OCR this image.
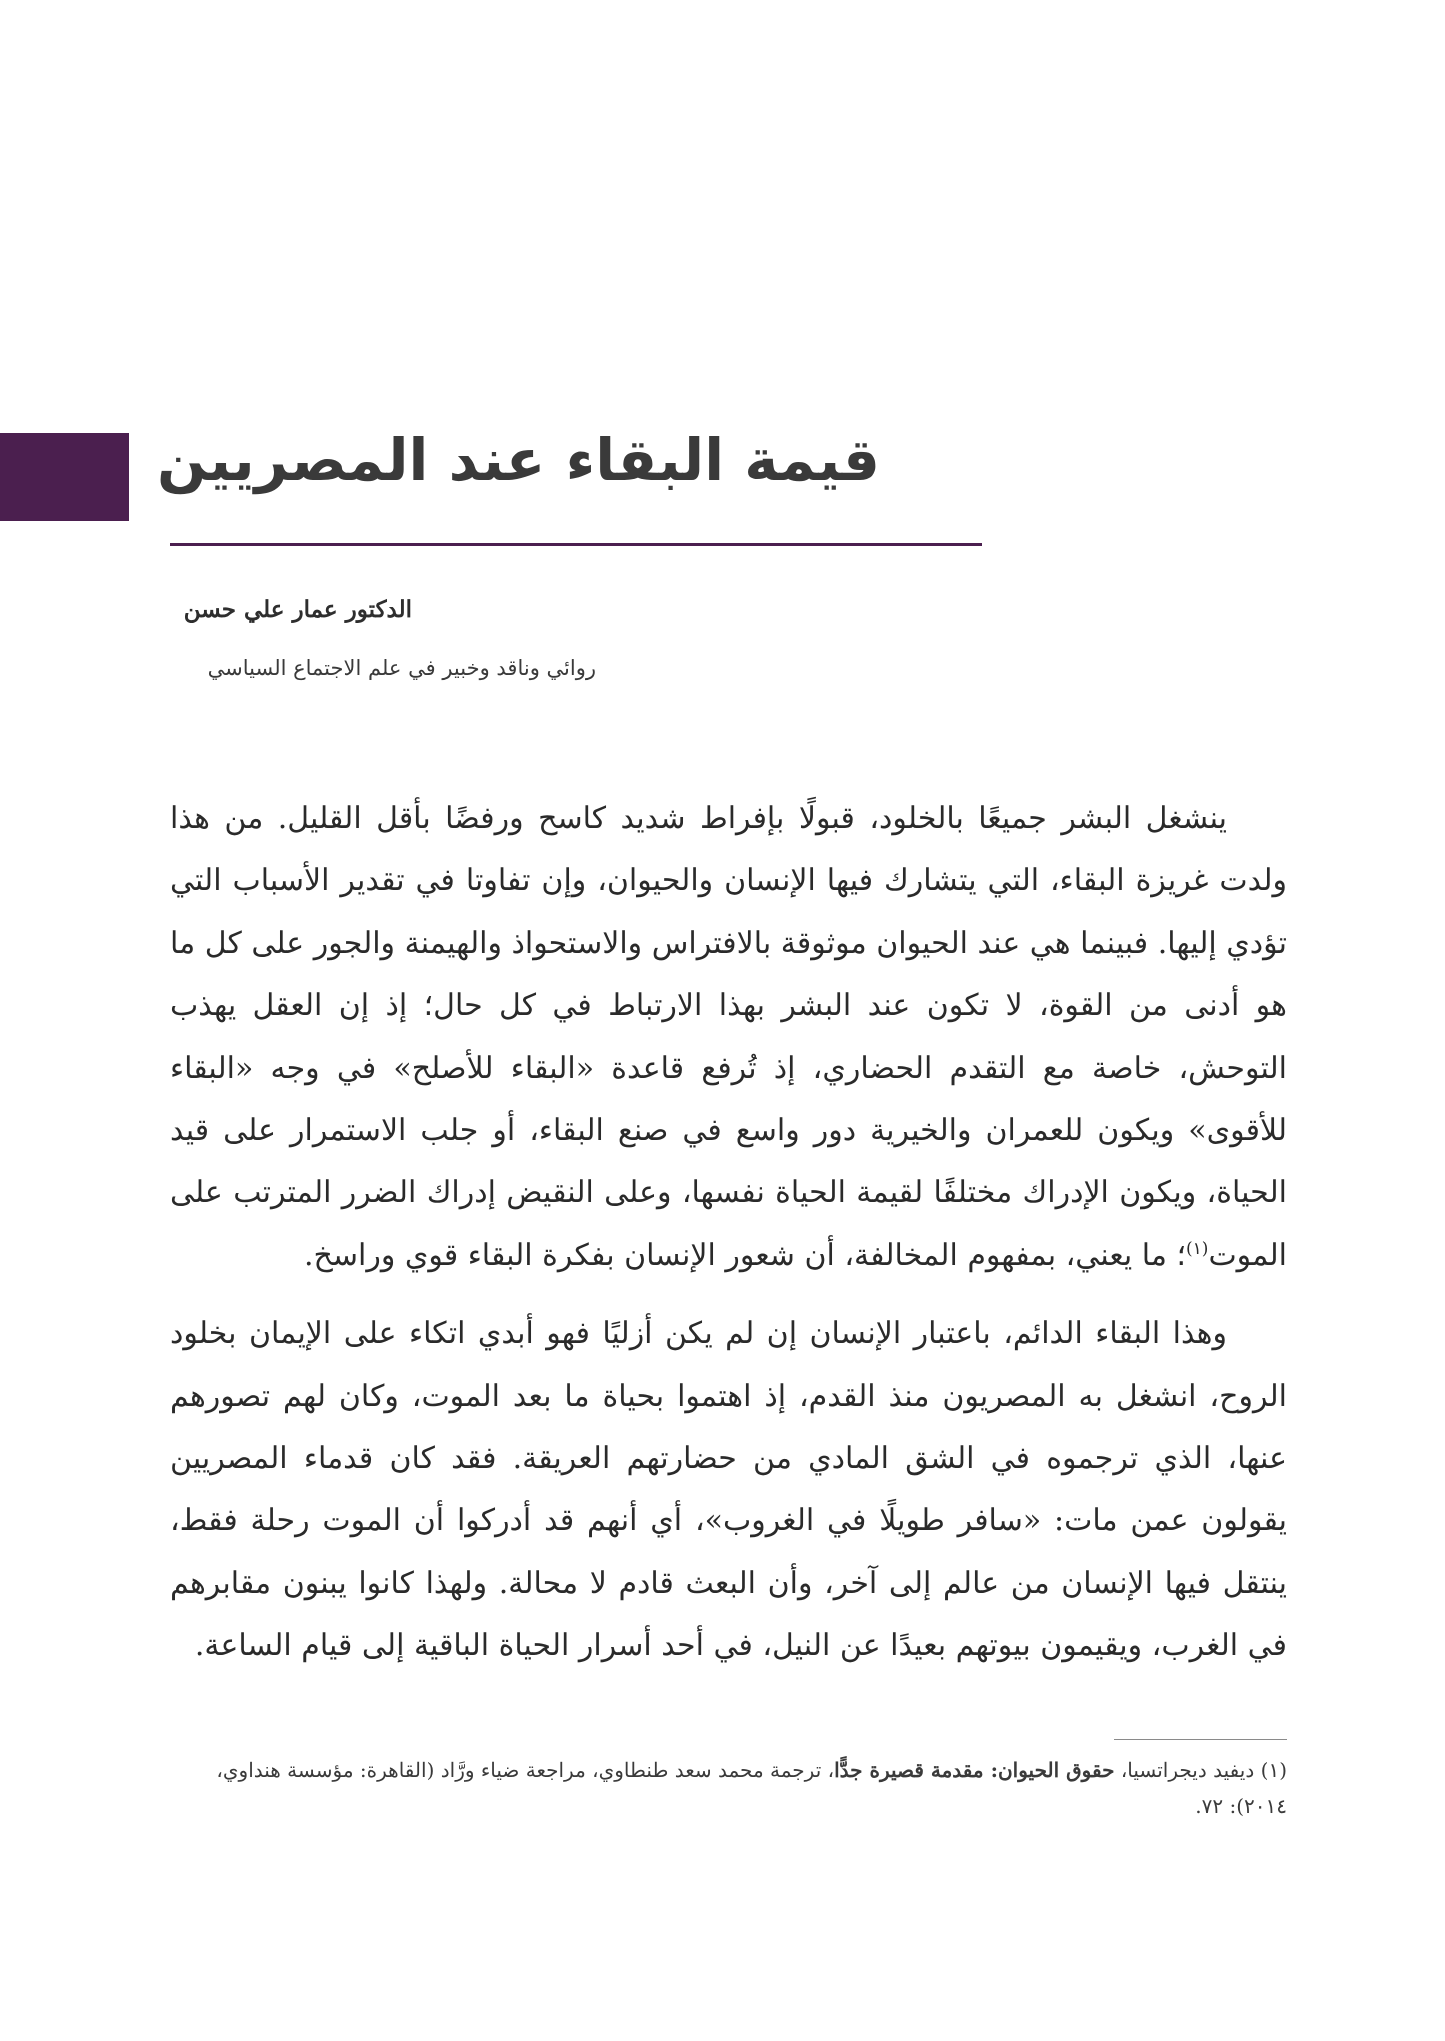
قيمة البقاء عند المصريين
الدكتور عمار علي حسن
روائي وناقد وخبير في علم الاجتماع السياسي

ينشغل البشر جميعًا بالخلود، قبولًا بإفراط شديد كاسح ورفضًا بأقل القليل. من هذا ولدت غريزة البقاء، التي يتشارك فيها الإنسان والحيوان، وإن تفاوتا في تقدير الأسباب التي تؤدي إليها. فبينما هي عند الحيوان موثوقة بالافتراس والاستحواذ والهيمنة والجور على كل ما هو أدنى من القوة، لا تكون عند البشر بهذا الارتباط في كل حال؛ إذ إن العقل يهذب التوحش، خاصة مع التقدم الحضاري، إذ تُرفع قاعدة «البقاء للأصلح» في وجه «البقاء للأقوى» ويكون للعمران والخيرية دور واسع في صنع البقاء، أو جلب الاستمرار على قيد الحياة، ويكون الإدراك مختلفًا لقيمة الحياة نفسها، وعلى النقيض إدراك الضرر المترتب على الموت$^{(١)}$؛ ما يعني، بمفهوم المخالفة، أن شعور الإنسان بفكرة البقاء قوي وراسخ.

وهذا البقاء الدائم، باعتبار الإنسان إن لم يكن أزليًا فهو أبدي اتكاء على الإيمان بخلود الروح، انشغل به المصريون منذ القدم، إذ اهتموا بحياة ما بعد الموت، وكان لهم تصورهم عنها، الذي ترجموه في الشق المادي من حضارتهم العريقة. فقد كان قدماء المصريين يقولون عمن مات: «سافر طويلًا في الغروب»، أي أنهم قد أدركوا أن الموت رحلة فقط، ينتقل فيها الإنسان من عالم إلى آخر، وأن البعث قادم لا محالة. ولهذا كانوا يبنون مقابرهم في الغرب، ويقيمون بيوتهم بعيدًا عن النيل، في أحد أسرار الحياة الباقية إلى قيام الساعة.

(١) ديفيد ديجراتسيا، حقوق الحيوان: مقدمة قصيرة جدًّا، ترجمة محمد سعد طنطاوي، مراجعة ضياء ورَّاد (القاهرة: مؤسسة هنداوي، ٢٠١٤): ٧٢.
